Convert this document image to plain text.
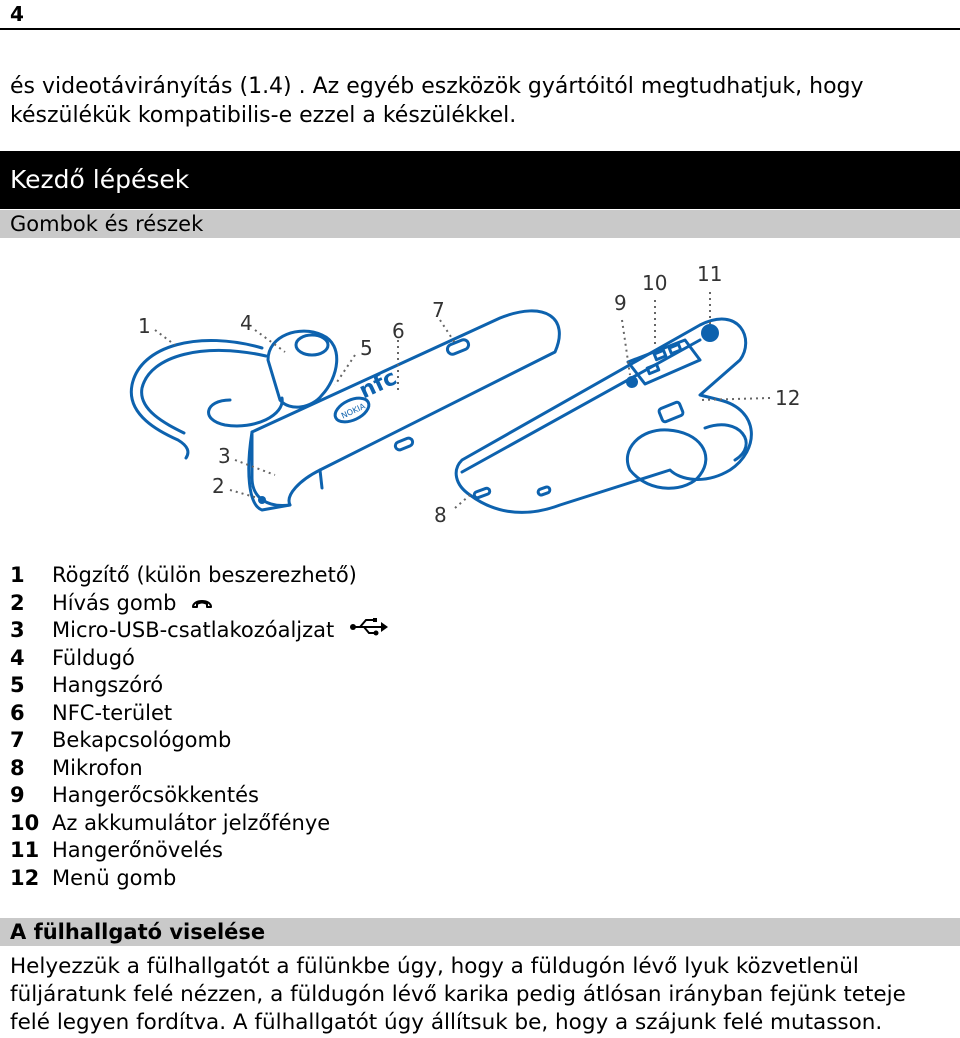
4
és videotávirányítás (1.4) . Az egyéb eszközök gyártóitól megtudhatjuk, hogy
készülékük kompatibilis-e ezzel a készülékkel.
Kezdő lépések
Gombok és részek
nfc
NOKIA
1
2
3
4
5
6
7
8
9
10 11
12
1 Rögzítő (külön beszerezhető)
2 Hívás gomb
3 Micro-USB-csatlakozóaljzat
4 Füldugó
5 Hangszóró
6 NFC-terület
7 Bekapcsológomb
8 Mikrofon
9 Hangerőcsökkentés
10 Az akkumulátor jelzőfénye
11 Hangerőnövelés
12 Menü gomb
A fülhallgató viselése
Helyezzük a fülhallgatót a fülünkbe úgy, hogy a füldugón lévő lyuk közvetlenül
füljáratunk felé nézzen, a füldugón lévő karika pedig átlósan irányban fejünk teteje
felé legyen fordítva. A fülhallgatót úgy állítsuk be, hogy a szájunk felé mutasson.
